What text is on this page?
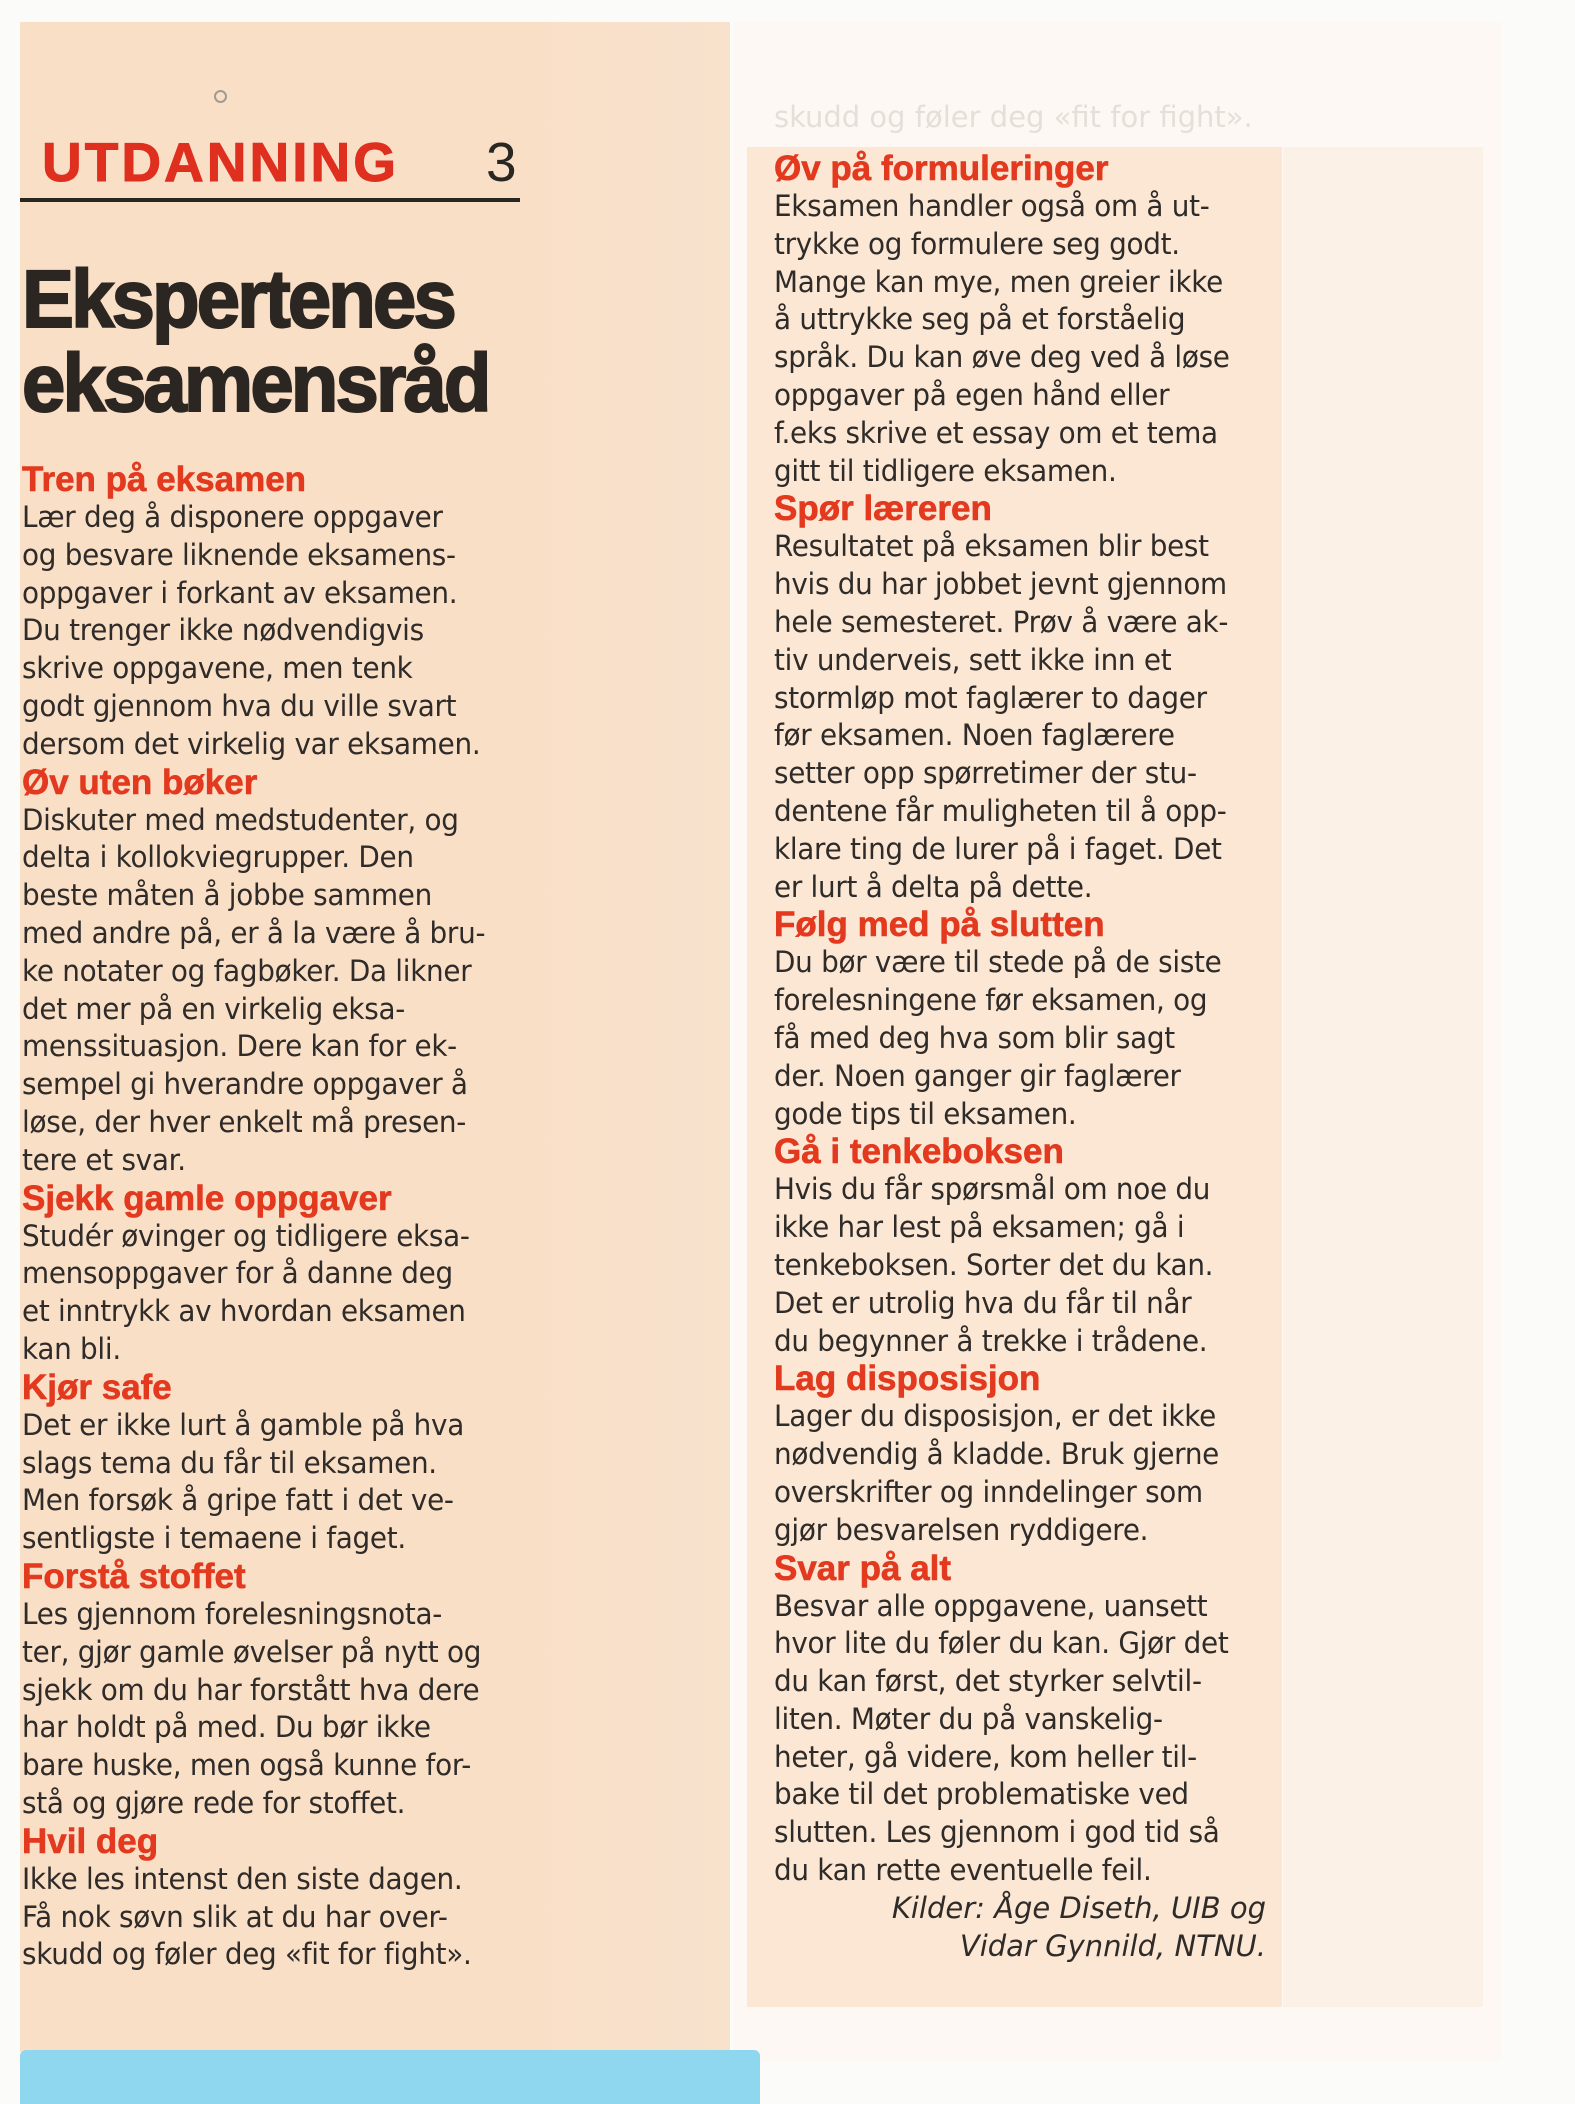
skudd og føler deg «fit for fight».
UTDANNING 3
Ekspertenes
eksamensråd
Tren på eksamen
Lær deg å disponere oppgaver
og besvare liknende eksamens-
oppgaver i forkant av eksamen.
Du trenger ikke nødvendigvis
skrive oppgavene, men tenk
godt gjennom hva du ville svart
dersom det virkelig var eksamen.
Øv uten bøker
Diskuter med medstudenter, og
delta i kollokviegrupper. Den
beste måten å jobbe sammen
med andre på, er å la være å bru-
ke notater og fagbøker. Da likner
det mer på en virkelig eksa-
menssituasjon. Dere kan for ek-
sempel gi hverandre oppgaver å
løse, der hver enkelt må presen-
tere et svar.
Sjekk gamle oppgaver
Studér øvinger og tidligere eksa-
mensoppgaver for å danne deg
et inntrykk av hvordan eksamen
kan bli.
Kjør safe
Det er ikke lurt å gamble på hva
slags tema du får til eksamen.
Men forsøk å gripe fatt i det ve-
sentligste i temaene i faget.
Forstå stoffet
Les gjennom forelesningsnota-
ter, gjør gamle øvelser på nytt og
sjekk om du har forstått hva dere
har holdt på med. Du bør ikke
bare huske, men også kunne for-
stå og gjøre rede for stoffet.
Hvil deg
Ikke les intenst den siste dagen.
Få nok søvn slik at du har over-
skudd og føler deg «fit for fight».
Øv på formuleringer
Eksamen handler også om å ut-
trykke og formulere seg godt.
Mange kan mye, men greier ikke
å uttrykke seg på et forståelig
språk. Du kan øve deg ved å løse
oppgaver på egen hånd eller
f.eks skrive et essay om et tema
gitt til tidligere eksamen.
Spør læreren
Resultatet på eksamen blir best
hvis du har jobbet jevnt gjennom
hele semesteret. Prøv å være ak-
tiv underveis, sett ikke inn et
stormløp mot faglærer to dager
før eksamen. Noen faglærere
setter opp spørretimer der stu-
dentene får muligheten til å opp-
klare ting de lurer på i faget. Det
er lurt å delta på dette.
Følg med på slutten
Du bør være til stede på de siste
forelesningene før eksamen, og
få med deg hva som blir sagt
der. Noen ganger gir faglærer
gode tips til eksamen.
Gå i tenkeboksen
Hvis du får spørsmål om noe du
ikke har lest på eksamen; gå i
tenkeboksen. Sorter det du kan.
Det er utrolig hva du får til når
du begynner å trekke i trådene.
Lag disposisjon
Lager du disposisjon, er det ikke
nødvendig å kladde. Bruk gjerne
overskrifter og inndelinger som
gjør besvarelsen ryddigere.
Svar på alt
Besvar alle oppgavene, uansett
hvor lite du føler du kan. Gjør det
du kan først, det styrker selvtil-
liten. Møter du på vanskelig-
heter, gå videre, kom heller til-
bake til det problematiske ved
slutten. Les gjennom i god tid så
du kan rette eventuelle feil.
Kilder: Åge Diseth, UIB og
Vidar Gynnild, NTNU.
